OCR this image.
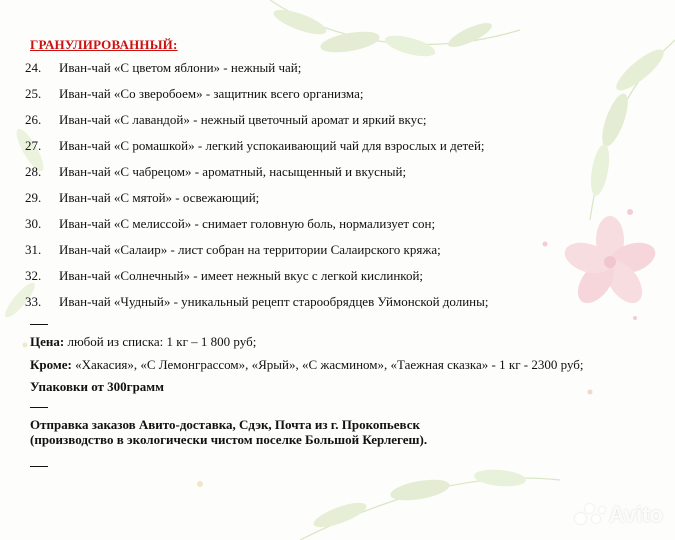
ГРАНУЛИРОВАННЫЙ:
24.	Иван-чай «С цветом яблони» - нежный чай;
25.	Иван-чай «Со зверобоем» - защитник всего организма;
26.	Иван-чай «С лавандой» - нежный цветочный аромат и яркий вкус;
27.	Иван-чай «С ромашкой» - легкий успокаивающий чай для взрослых и детей;
28.	Иван-чай «С чабрецом» - ароматный, насыщенный и вкусный;
29.	Иван-чай «С мятой» - освежающий;
30.	Иван-чай «С мелиссой» - снимает головную боль, нормализует сон;
31.	Иван-чай «Салаир» - лист собран на территории Салаирского кряжа;
32.	Иван-чай «Солнечный» - имеет нежный вкус с легкой кислинкой;
33.	Иван-чай «Чудный» - уникальный рецепт старообрядцев Уймонской долины;
Цена: любой из списка: 1 кг – 1 800 руб;
Кроме: «Хакасия», «С Лемонграссом», «Ярый», «С жасмином», «Таежная сказка» - 1 кг - 2300 руб;
Упаковки от 300грамм
Отправка заказов Авито-доставка, Сдэк, Почта из г. Прокопьевск
(производство в экологически чистом поселке Большой Керлегеш).
Avito
